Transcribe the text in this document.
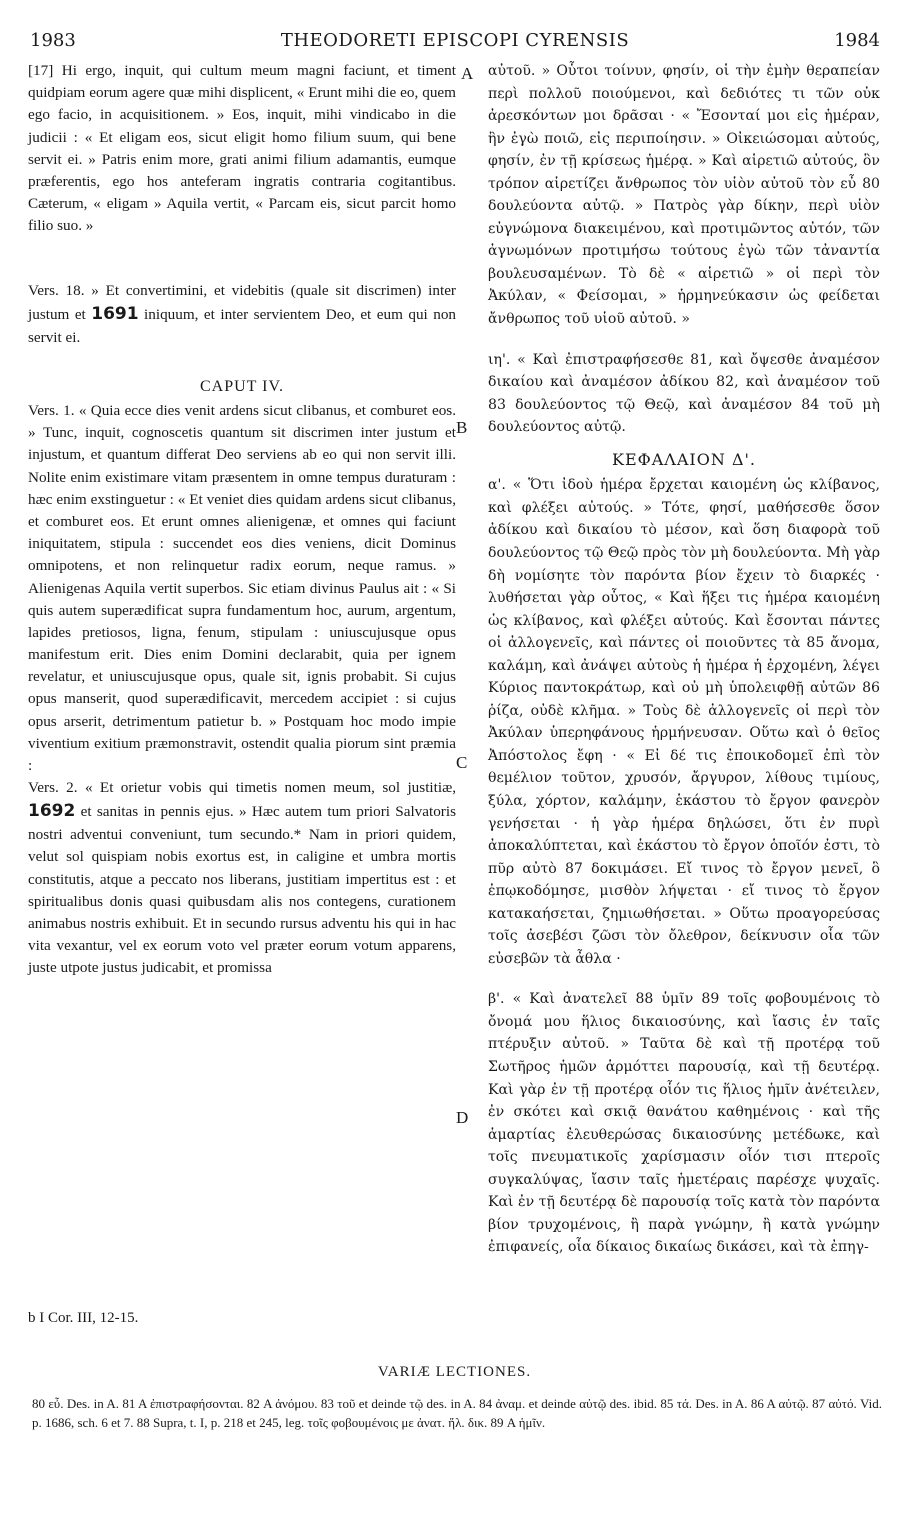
1983	THEODORETI EPISCOPI CYRENSIS	1984

[17] Hi ergo, inquit, qui cultum meum magni faciunt, et timent quidpiam eorum agere quæ mihi displicent, « Erunt mihi die eo, quem ego facio, in acquisitionem. » Eos, inquit, mihi vindicabo in die judicii : « Et eligam eos, sicut eligit homo filium suum, qui bene servit ei. » Patris enim more, grati animi filium adamantis, eumque præferentis, ego hos anteferam ingratis contraria cogitantibus. Cæterum, « eligam » Aquila vertit, « Parcam eis, sicut parcit homo filio suo. »

Vers. 18. » Et convertimini, et videbitis (quale sit discrimen) inter justum et 1691 iniquum, et inter servientem Deo, et eum qui non servit ei.

CAPUT IV.

Vers. 1. « Quia ecce dies venit ardens sicut clibanus, et comburet eos. » Tunc, inquit, cognoscetis quantum sit discrimen inter justum et injustum, et quantum differat Deo serviens ab eo qui non servit illi. Nolite enim existimare vitam præsentem in omne tempus duraturam : hæc enim exstinguetur : « Et veniet dies quidam ardens sicut clibanus, et comburet eos. Et erunt omnes alienigenæ, et omnes qui faciunt iniquitatem, stipula : succendet eos dies veniens, dicit Dominus omnipotens, et non relinquetur radix eorum, neque ramus. » Alienigenas Aquila vertit superbos. Sic etiam divinus Paulus ait : « Si quis autem superædificat supra fundamentum hoc, aurum, argentum, lapides pretiosos, ligna, fenum, stipulam : uniuscujusque opus manifestum erit. Dies enim Domini declarabit, quia per ignem revelatur, et uniuscujusque opus, quale sit, ignis probabit. Si cujus opus manserit, quod superædificavit, mercedem accipiet : si cujus opus arserit, detrimentum patietur b. » Postquam hoc modo impie viventium exitium præmonstravit, ostendit qualia piorum sint præmia :

Vers. 2. « Et orietur vobis qui timetis nomen meum, sol justitiæ, 1692 et sanitas in pennis ejus. » Hæc autem tum priori Salvatoris nostri adventui conveniunt, tum secundo.* Nam in priori quidem, velut sol quispiam nobis exortus est, in caligine et umbra mortis constitutis, atque a peccato nos liberans, justitiam impertitus est : et spiritualibus donis quasi quibusdam alis nos contegens, curationem animabus nostris exhibuit. Et in secundo rursus adventu his qui in hac vita vexantur, vel ex eorum voto vel præter eorum votum apparens, juste utpote justus judicabit, et promissa

A
B
C
D

αὐτοῦ. » Οὗτοι τοίνυν, φησίν, οἱ τὴν ἐμὴν θεραπείαν περὶ πολλοῦ ποιούμενοι, καὶ δεδιότες τι τῶν οὐκ ἀρεσκόντων μοι δρᾶσαι · « Ἔσονταί μοι εἰς ἡμέραν, ἣν ἐγὼ ποιῶ, εἰς περιποίησιν. » Οἰκειώσομαι αὐτούς, φησίν, ἐν τῇ κρίσεως ἡμέρᾳ. » Καὶ αἱρετιῶ αὐτούς, ὃν τρόπον αἱρετίζει ἄνθρωπος τὸν υἱὸν αὐτοῦ τὸν εὖ 80 δουλεύοντα αὐτῷ. » Πατρὸς γὰρ δίκην, περὶ υἱὸν εὐγνώμονα διακειμένου, καὶ προτιμῶντος αὐτόν, τῶν ἀγνωμόνων προτιμήσω τούτους ἐγὼ τῶν τἀναντία βουλευσαμένων. Τὸ δὲ « αἱρετιῶ » οἱ περὶ τὸν Ἀκύλαν, « Φείσομαι, » ἡρμηνεύκασιν ὡς φείδεται ἄνθρωπος τοῦ υἱοῦ αὐτοῦ. »

ιη'. « Καὶ ἐπιστραφήσεσθε 81, καὶ ὄψεσθε ἀναμέσον δικαίου καὶ ἀναμέσον ἀδίκου 82, καὶ ἀναμέσον τοῦ 83 δουλεύοντος τῷ Θεῷ, καὶ ἀναμέσον 84 τοῦ μὴ δουλεύοντος αὐτῷ.

ΚΕΦΑΛΑΙΟΝ Δ'.

α'. « Ὅτι ἰδοὺ ἡμέρα ἔρχεται καιομένη ὡς κλίβανος, καὶ φλέξει αὐτούς. » Τότε, φησί, μαθήσεσθε ὅσον ἀδίκου καὶ δικαίου τὸ μέσον, καὶ ὅση διαφορὰ τοῦ δουλεύοντος τῷ Θεῷ πρὸς τὸν μὴ δουλεύοντα. Μὴ γὰρ δὴ νομίσητε τὸν παρόντα βίον ἔχειν τὸ διαρκές · λυθήσεται γὰρ οὗτος, « Καὶ ἥξει τις ἡμέρα καιομένη ὡς κλίβανος, καὶ φλέξει αὐτούς. Καὶ ἔσονται πάντες οἱ ἀλλογενεῖς, καὶ πάντες οἱ ποιοῦντες τὰ 85 ἄνομα, καλάμη, καὶ ἀνάψει αὐτοὺς ἡ ἡμέρα ἡ ἐρχομένη, λέγει Κύριος παντοκράτωρ, καὶ οὐ μὴ ὑπολειφθῇ αὐτῶν 86 ῥίζα, οὐδὲ κλῆμα. » Τοὺς δὲ ἀλλογενεῖς οἱ περὶ τὸν Ἀκύλαν ὑπερηφάνους ἡρμήνευσαν. Οὕτω καὶ ὁ θεῖος Ἀπόστολος ἔφη · « Εἰ δέ τις ἐποικοδομεῖ ἐπὶ τὸν θεμέλιον τοῦτον, χρυσόν, ἄργυρον, λίθους τιμίους, ξύλα, χόρτον, καλάμην, ἑκάστου τὸ ἔργον φανερὸν γενήσεται · ἡ γὰρ ἡμέρα δηλώσει, ὅτι ἐν πυρὶ ἀποκαλύπτεται, καὶ ἑκάστου τὸ ἔργον ὁποῖόν ἐστι, τὸ πῦρ αὐτὸ 87 δοκιμάσει. Εἴ τινος τὸ ἔργον μενεῖ, ὃ ἐπῳκοδόμησε, μισθὸν λήψεται · εἴ τινος τὸ ἔργον κατακαήσεται, ζημιωθήσεται. » Οὕτω προαγορεύσας τοῖς ἀσεβέσι ζῶσι τὸν ὄλεθρον, δείκνυσιν οἷα τῶν εὐσεβῶν τὰ ἆθλα ·

β'. « Καὶ ἀνατελεῖ 88 ὑμῖν 89 τοῖς φοβουμένοις τὸ ὄνομά μου ἥλιος δικαιοσύνης, καὶ ἴασις ἐν ταῖς πτέρυξιν αὐτοῦ. » Ταῦτα δὲ καὶ τῇ προτέρᾳ τοῦ Σωτῆρος ἡμῶν ἁρμόττει παρουσίᾳ, καὶ τῇ δευτέρᾳ. Καὶ γὰρ ἐν τῇ προτέρᾳ οἷόν τις ἥλιος ἡμῖν ἀνέτειλεν, ἐν σκότει καὶ σκιᾷ θανάτου καθημένοις · καὶ τῆς ἁμαρτίας ἐλευθερώσας δικαιοσύνης μετέδωκε, καὶ τοῖς πνευματικοῖς χαρίσμασιν οἷόν τισι πτεροῖς συγκαλύψας, ἴασιν ταῖς ἡμετέραις παρέσχε ψυχαῖς. Καὶ ἐν τῇ δευτέρᾳ δὲ παρουσίᾳ τοῖς κατὰ τὸν παρόντα βίον τρυχομένοις, ἢ παρὰ γνώμην, ἢ κατὰ γνώμην ἐπιφανείς, οἷα δίκαιος δικαίως δικάσει, καὶ τὰ ἐπηγ-

b I Cor. III, 12-15.
VARIÆ LECTIONES.
80 εὖ. Des. in A. 81 A ἐπιστραφήσονται. 82 A ἀνόμου. 83 τοῦ et deinde τῷ des. in A. 84 ἀναμ. et deinde αὐτῷ des. ibid. 85 τά. Des. in A. 86 A αὐτῷ. 87 αὐτό. Vid. p. 1686, sch. 6 et 7. 88 Supra, t. I, p. 218 et 245, leg. τοῖς φοβουμένοις με ἀνατ. ἥλ. δικ. 89 A ἡμῖν.
